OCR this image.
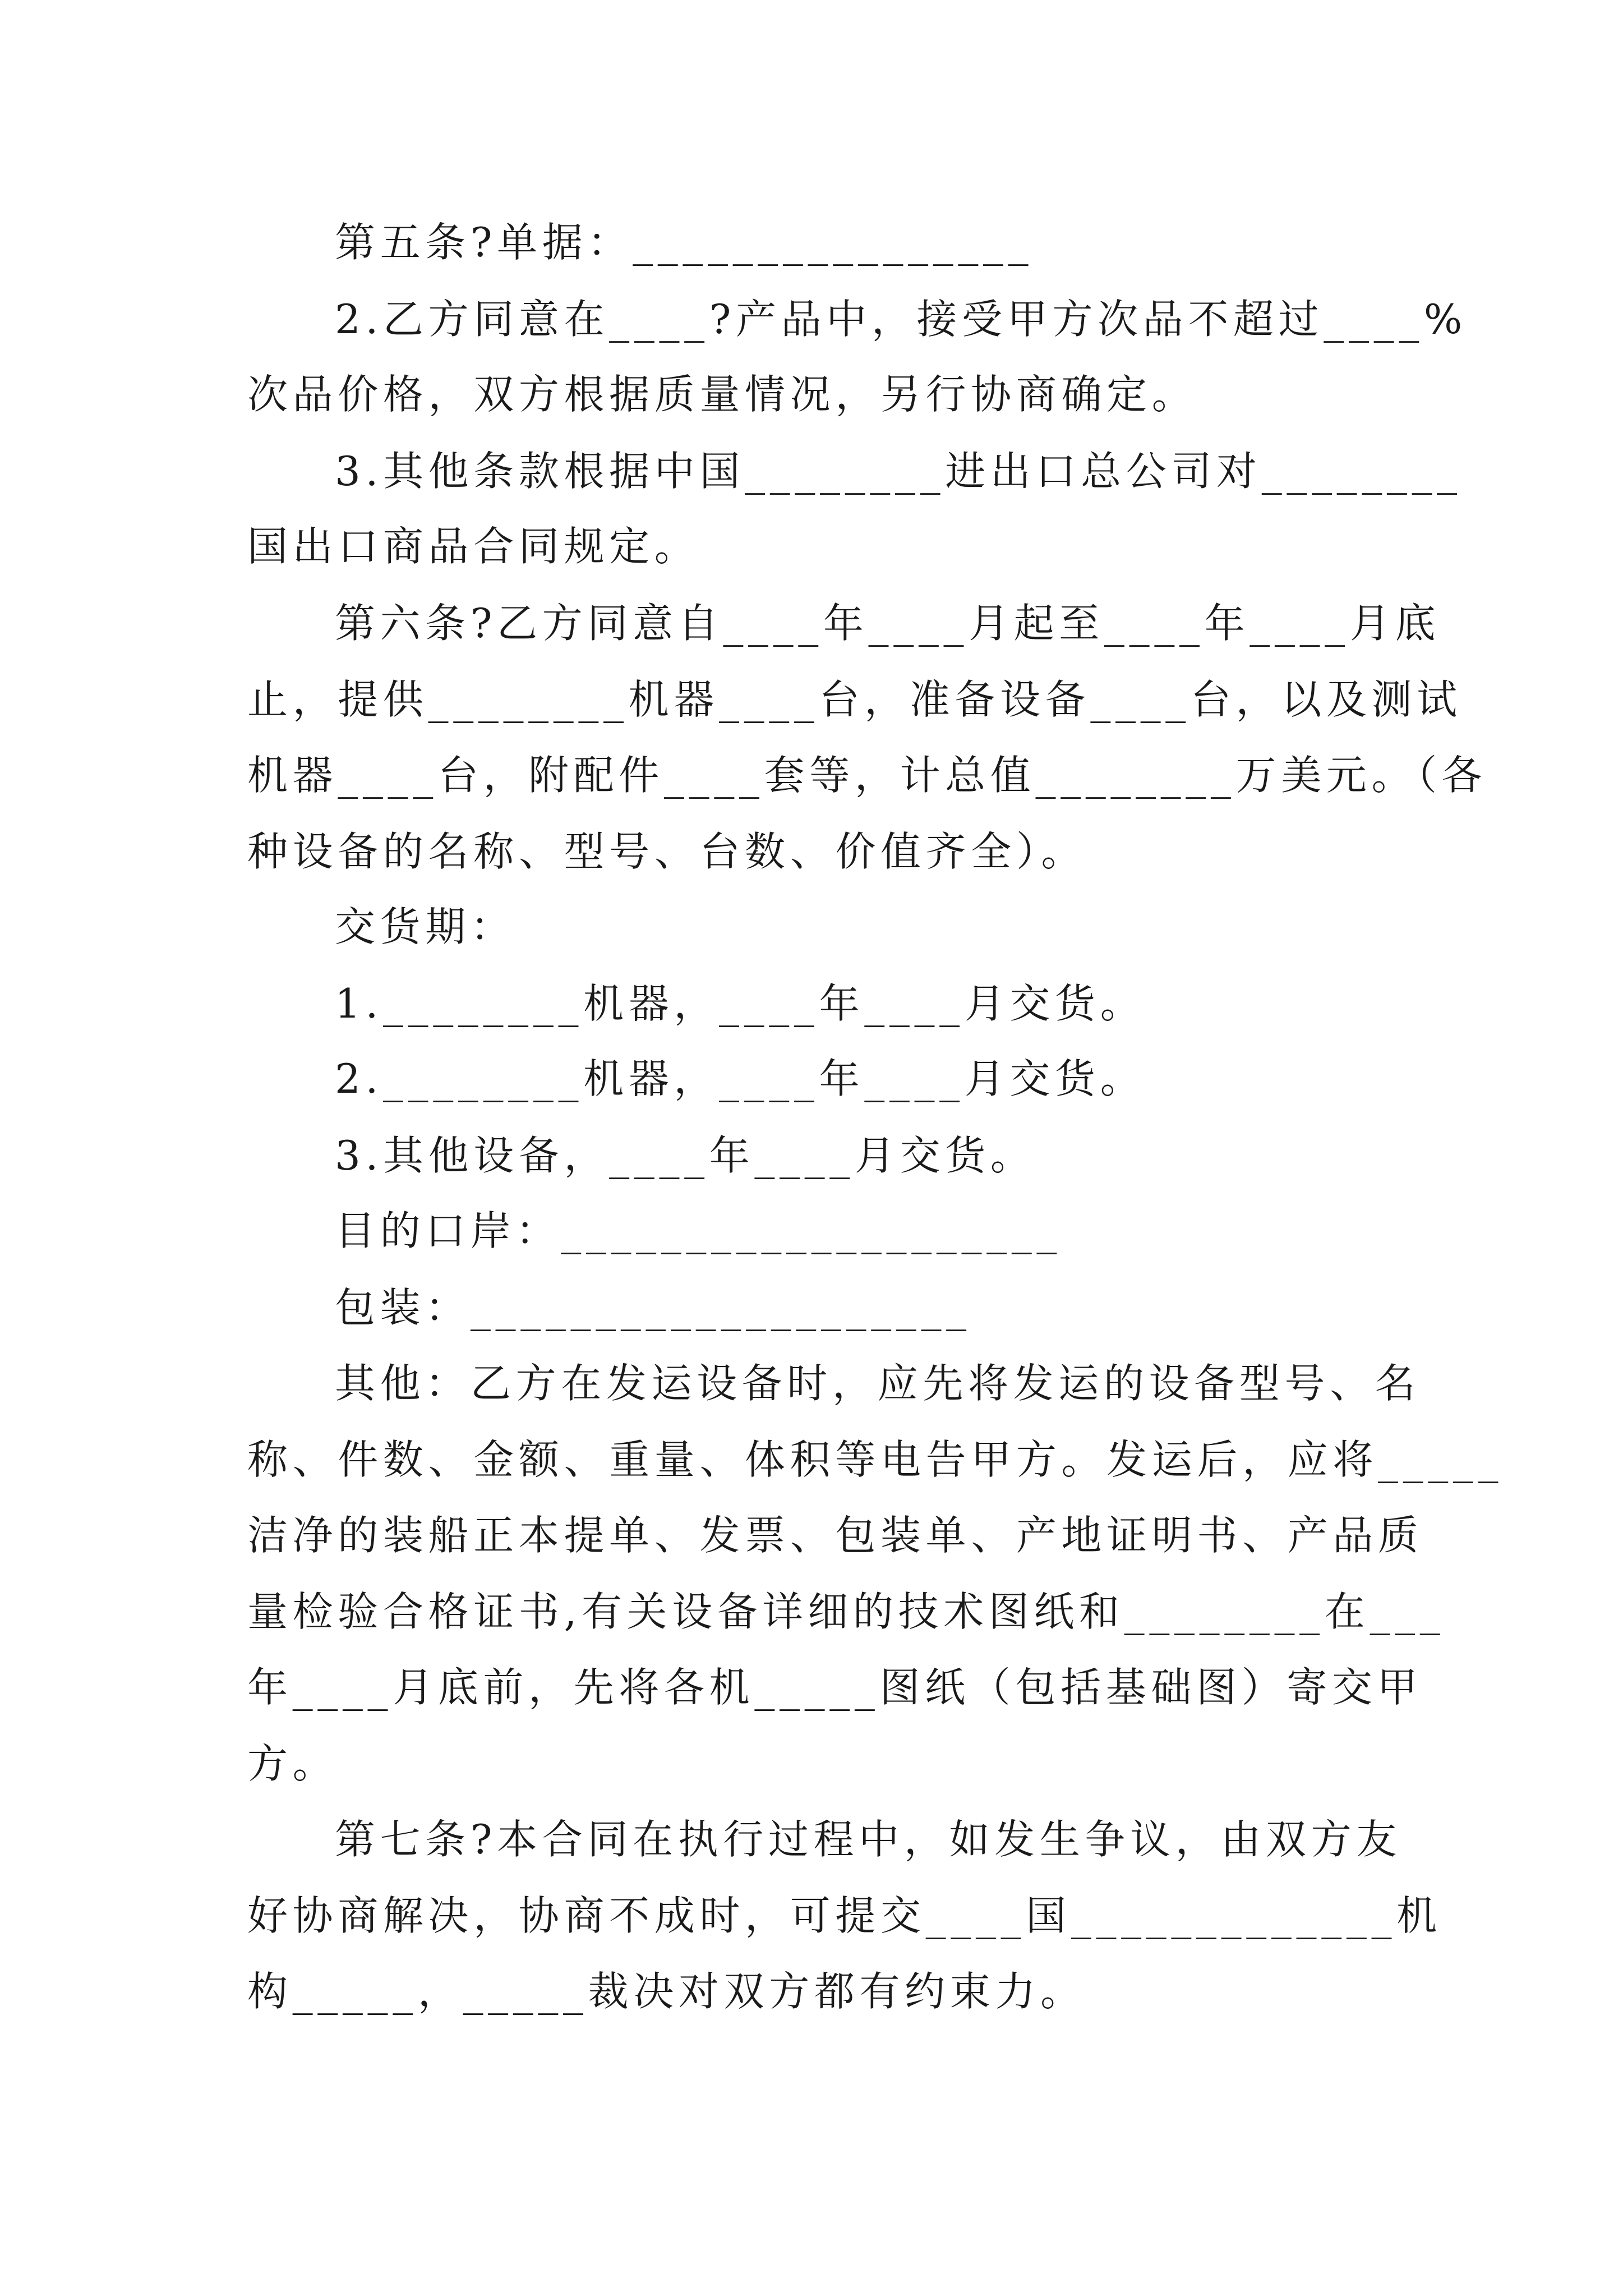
第五条?单据：________________
2.乙方同意在____?产品中，接受甲方次品不超过____%
次品价格，双方根据质量情况，另行协商确定。
3.其他条款根据中国________进出口总公司对________
国出口商品合同规定。
第六条?乙方同意自____年____月起至____年____月底
止，提供________机器____台，准备设备____台，以及测试
机器____台，附配件____套等，计总值________万美元。（各
种设备的名称、型号、台数、价值齐全）。
交货期：
1.________机器，____年____月交货。
2.________机器，____年____月交货。
3.其他设备，____年____月交货。
目的口岸：____________________
包装：____________________
其他：乙方在发运设备时，应先将发运的设备型号、名
称、件数、金额、重量、体积等电告甲方。发运后，应将_____
洁净的装船正本提单、发票、包装单、产地证明书、产品质
量检验合格证书,有关设备详细的技术图纸和________在___
年____月底前，先将各机_____图纸（包括基础图）寄交甲
方。
第七条?本合同在执行过程中，如发生争议，由双方友
好协商解决，协商不成时，可提交____国_____________机
构_____，_____裁决对双方都有约束力。
